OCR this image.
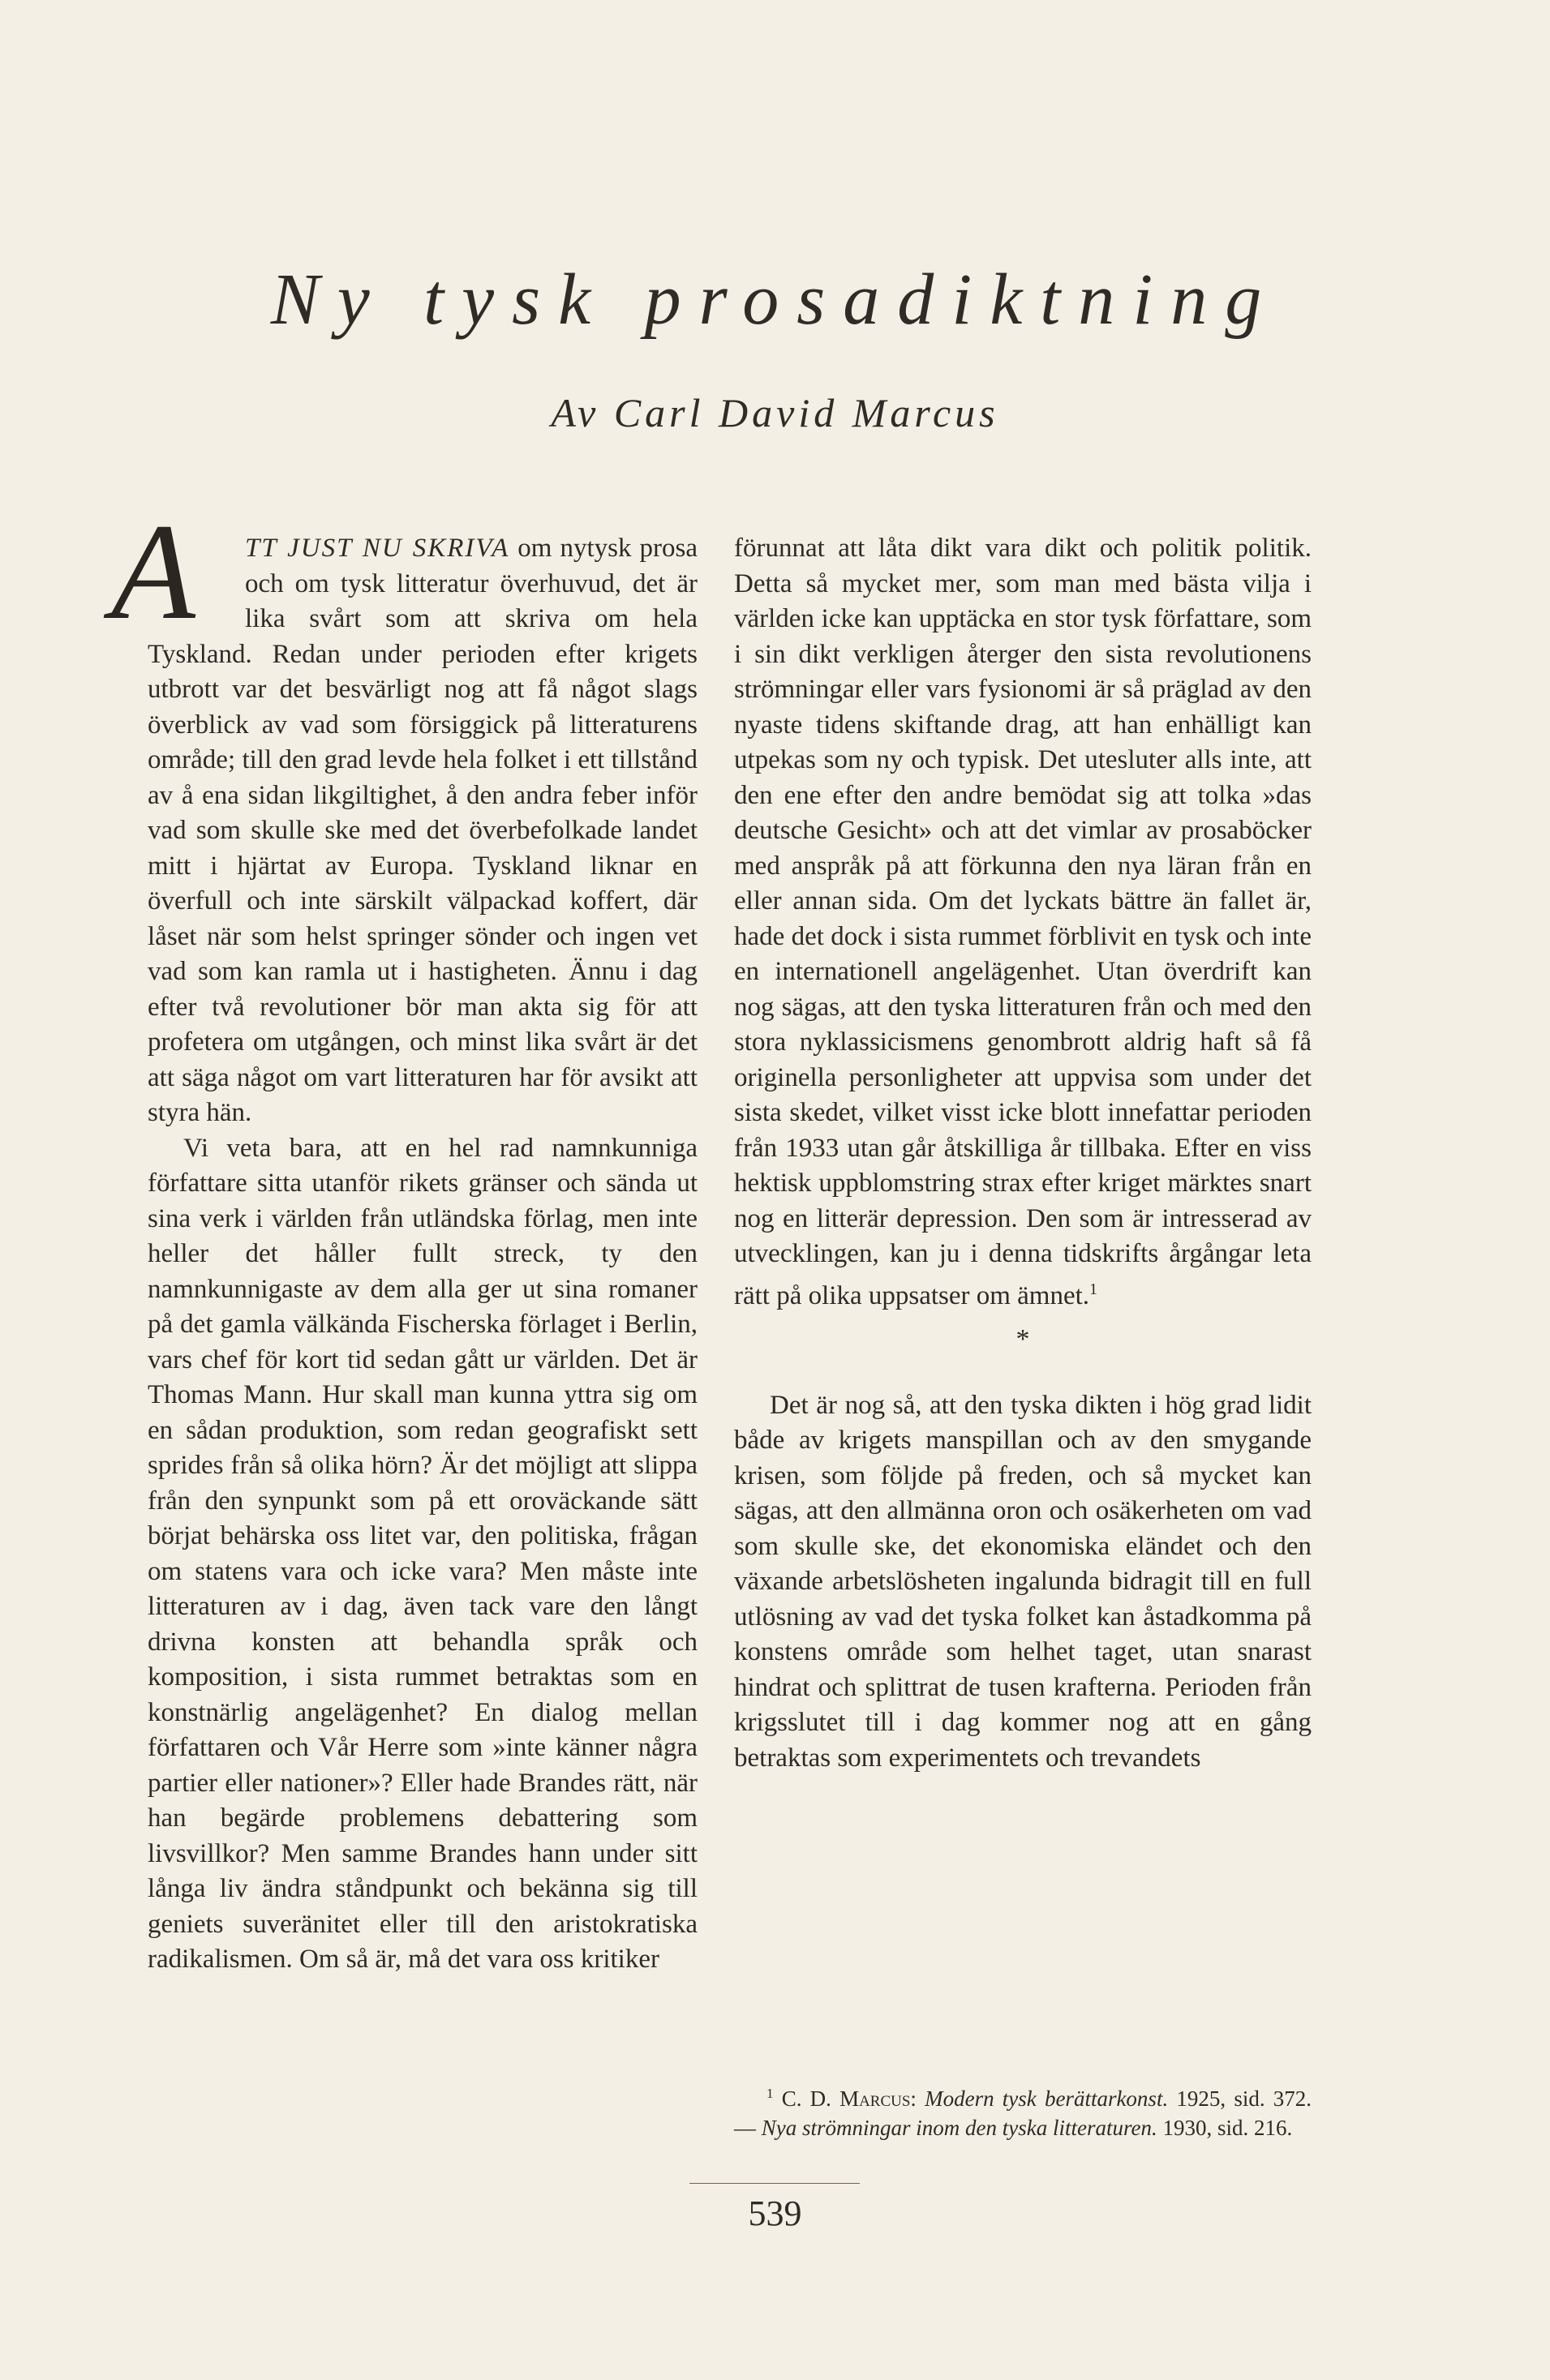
Ny tysk prosadiktning
Av Carl David Marcus

A	TT JUST NU SKRIVA om nytysk prosa och om tysk litteratur överhuvud, det är lika svårt som att skriva om hela Tyskland. Redan under perioden efter krigets utbrott var det besvärligt nog att få något slags överblick av vad som försiggick på litteraturens område; till den grad levde hela folket i ett tillstånd av å ena sidan likgiltighet, å den andra feber inför vad som skulle ske med det överbefolkade landet mitt i hjärtat av Europa. Tyskland liknar en överfull och inte särskilt välpackad koffert, där låset när som helst springer sönder och ingen vet vad som kan ramla ut i hastigheten. Ännu i dag efter två revolutioner bör man akta sig för att profetera om utgången, och minst lika svårt är det att säga något om vart litteraturen har för avsikt att styra hän.

Vi veta bara, att en hel rad namnkunniga författare sitta utanför rikets gränser och sända ut sina verk i världen från utländska förlag, men inte heller det håller fullt streck, ty den namnkunnigaste av dem alla ger ut sina romaner på det gamla välkända Fischerska förlaget i Berlin, vars chef för kort tid sedan gått ur världen. Det är Thomas Mann. Hur skall man kunna yttra sig om en sådan produktion, som redan geografiskt sett sprides från så olika hörn? Är det möjligt att slippa från den synpunkt som på ett oroväckande sätt börjat behärska oss litet var, den politiska, frågan om statens vara och icke vara? Men måste inte litteraturen av i dag, även tack vare den långt drivna konsten att behandla språk och komposition, i sista rummet betraktas som en konstnärlig angelägenhet? En dialog mellan författaren och Vår Herre som »inte känner några partier eller nationer»? Eller hade Brandes rätt, när han begärde problemens debattering som livsvillkor? Men samme Brandes hann under sitt långa liv ändra ståndpunkt och bekänna sig till geniets suveränitet eller till den aristokratiska radikalismen. Om så är, må det vara oss kritiker

förunnat att låta dikt vara dikt och politik politik. Detta så mycket mer, som man med bästa vilja i världen icke kan upptäcka en stor tysk författare, som i sin dikt verkligen återger den sista revolutionens strömningar eller vars fysionomi är så präglad av den nyaste tidens skiftande drag, att han enhälligt kan utpekas som ny och typisk. Det utesluter alls inte, att den ene efter den andre bemödat sig att tolka »das deutsche Gesicht» och att det vimlar av prosaböcker med anspråk på att förkunna den nya läran från en eller annan sida. Om det lyckats bättre än fallet är, hade det dock i sista rummet förblivit en tysk och inte en internationell angelägenhet. Utan överdrift kan nog sägas, att den tyska litteraturen från och med den stora nyklassicismens genombrott aldrig haft så få originella personligheter att uppvisa som under det sista skedet, vilket visst icke blott innefattar perioden från 1933 utan går åtskilliga år tillbaka. Efter en viss hektisk uppblomstring strax efter kriget märktes snart nog en litterär depression. Den som är intresserad av utvecklingen, kan ju i denna tidskrifts årgångar leta rätt på olika uppsatser om ämnet.$^1$

*

Det är nog så, att den tyska dikten i hög grad lidit både av krigets manspillan och av den smygande krisen, som följde på freden, och så mycket kan sägas, att den allmänna oron och osäkerheten om vad som skulle ske, det ekonomiska eländet och den växande arbetslösheten ingalunda bidragit till en full utlösning av vad det tyska folket kan åstadkomma på konstens område som helhet taget, utan snarast hindrat och splittrat de tusen krafterna. Perioden från krigsslutet till i dag kommer nog att en gång betraktas som experimentets och trevandets

$^1$ C. D. Marcus: Modern tysk berättarkonst. 1925, sid. 372. — Nya strömningar inom den tyska litteraturen. 1930, sid. 216.

539
